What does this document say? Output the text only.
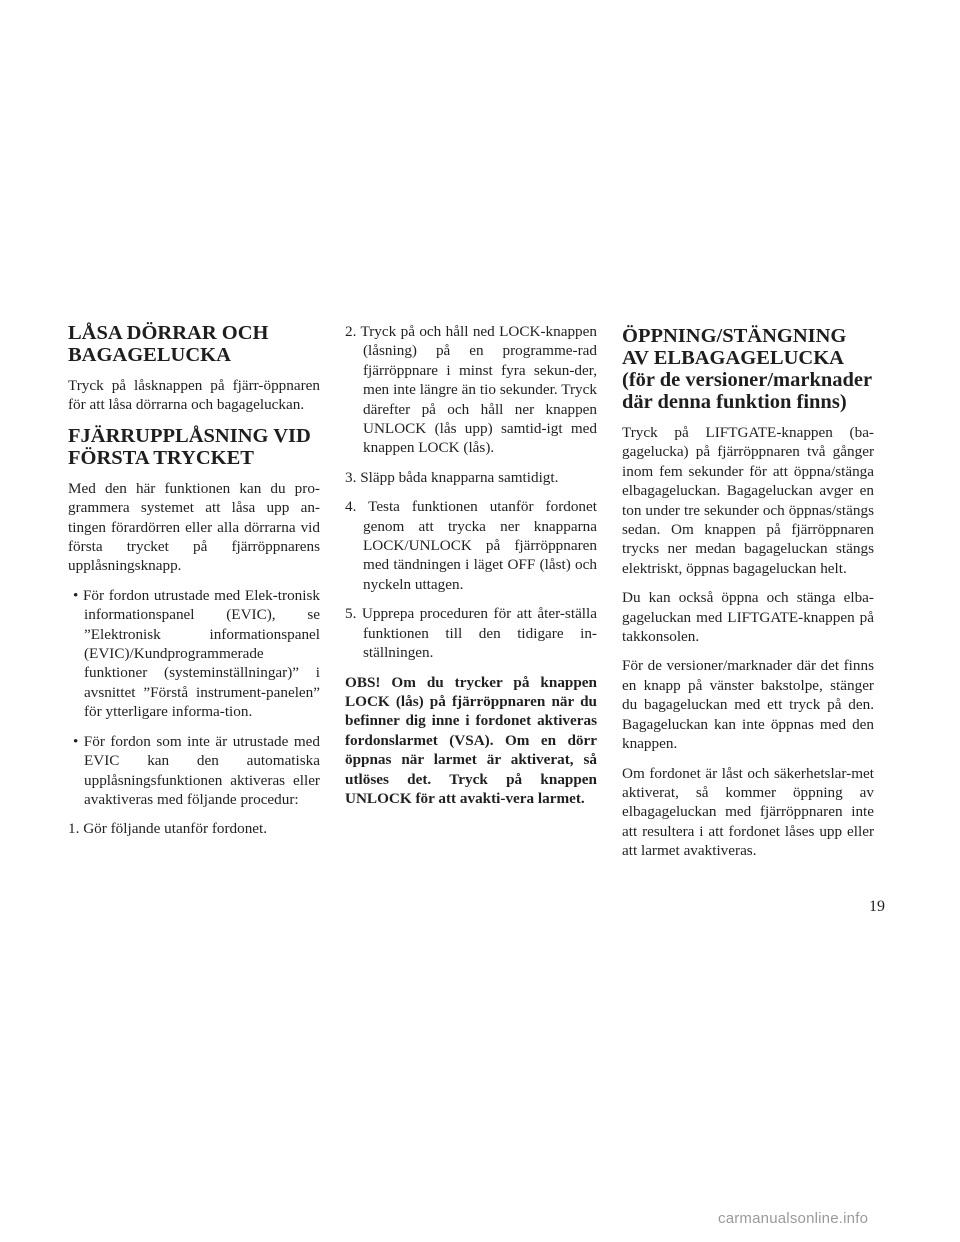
LÅSA DÖRRAR OCH BAGAGELUCKA

Tryck på låsknappen på fjärr-öppnaren för att låsa dörrarna och bagageluckan.

FJÄRRUPPLÅSNING VID FÖRSTA TRYCKET

Med den här funktionen kan du pro-grammera systemet att låsa upp an-tingen förardörren eller alla dörrarna vid första trycket på fjärröppnarens upplåsningsknapp.

• För fordon utrustade med Elek-tronisk informationspanel (EVIC), se ”Elektronisk informationspanel (EVIC)/Kundprogrammerade funktioner (systeminställningar)” i avsnittet ”Förstå instrument-panelen” för ytterligare informa-tion.

• För fordon som inte är utrustade med EVIC kan den automatiska upplåsningsfunktionen aktiveras eller avaktiveras med följande procedur:

1. Gör följande utanför fordonet.

2. Tryck på och håll ned LOCK-knappen (låsning) på en programme-rad fjärröppnare i minst fyra sekun-der, men inte längre än tio sekunder. Tryck därefter på och håll ner knappen UNLOCK (lås upp) samtid-igt med knappen LOCK (lås).

3. Släpp båda knapparna samtidigt.

4. Testa funktionen utanför fordonet genom att trycka ner knapparna LOCK/UNLOCK på fjärröppnaren med tändningen i läget OFF (låst) och nyckeln uttagen.

5. Upprepa proceduren för att åter-ställa funktionen till den tidigare in-ställningen.

OBS! Om du trycker på knappen LOCK (lås) på fjärröppnaren när du befinner dig inne i fordonet aktiveras fordonslarmet (VSA). Om en dörr öppnas när larmet är aktiverat, så utlöses det. Tryck på knappen UNLOCK för att avakti-vera larmet.

ÖPPNING/STÄNGNING AV ELBAGAGELUCKA (för de versioner/marknader där denna funktion finns)

Tryck på LIFTGATE-knappen (ba-gagelucka) på fjärröppnaren två gånger inom fem sekunder för att öppna/stänga elbagageluckan. Bagageluckan avger en ton under tre sekunder och öppnas/stängs sedan. Om knappen på fjärröppnaren trycks ner medan bagageluckan stängs elektriskt, öppnas bagageluckan helt.

Du kan också öppna och stänga elba-gageluckan med LIFTGATE-knappen på takkonsolen.

För de versioner/marknader där det finns en knapp på vänster bakstolpe, stänger du bagageluckan med ett tryck på den. Bagageluckan kan inte öppnas med den knappen.

Om fordonet är låst och säkerhetslar-met aktiverat, så kommer öppning av elbagageluckan med fjärröppnaren inte att resultera i att fordonet låses upp eller att larmet avaktiveras.

19
carmanualsonline.info
